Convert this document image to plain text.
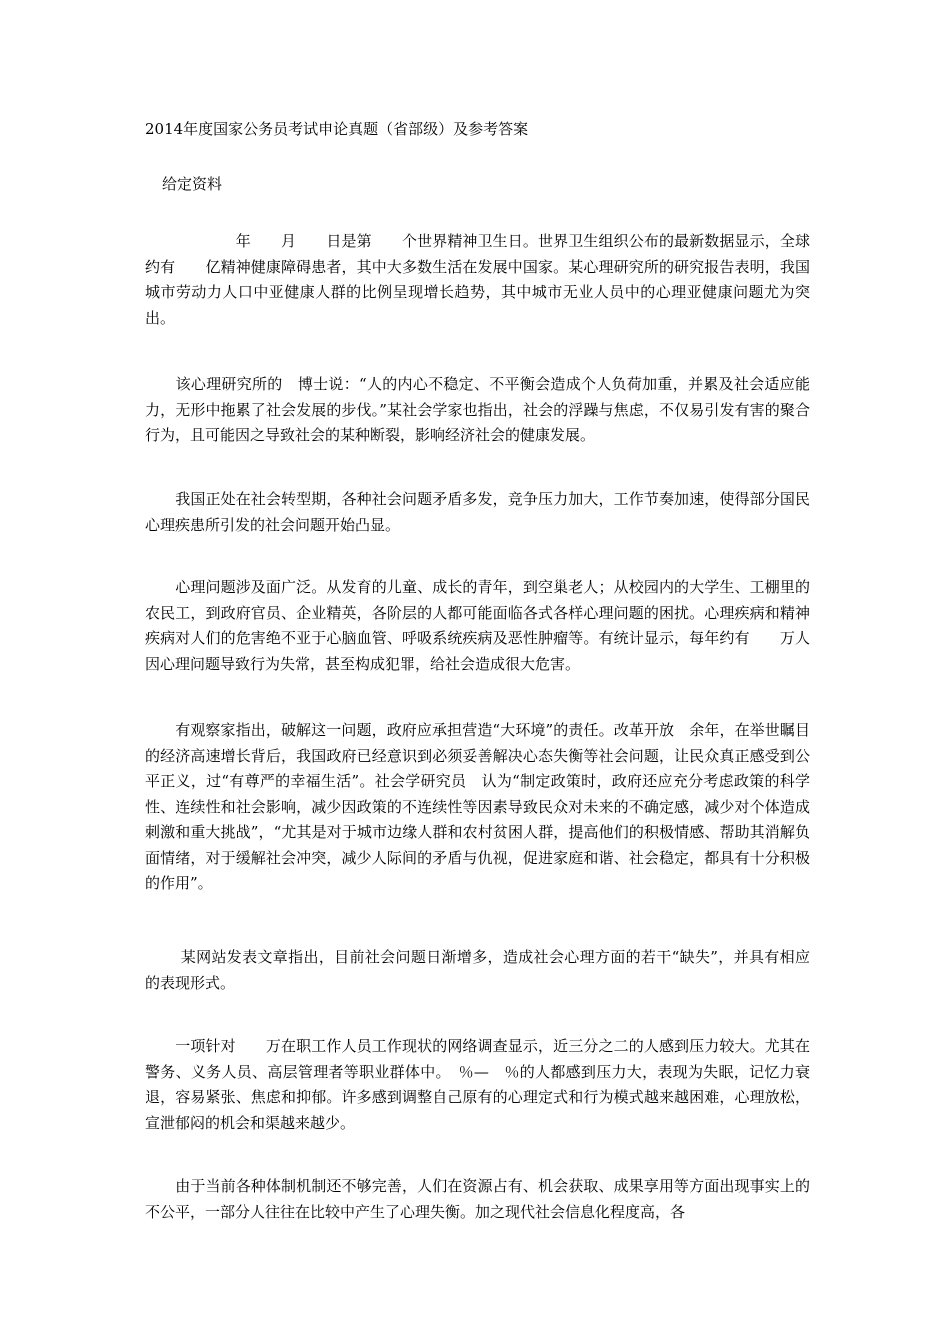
2014年度国家公务员考试申论真题（省部级）及参考答案
给定资料

　　　　　　年　　月　　日是第　　个世界精神卫生日。世界卫生组织公布的最新数据显示，全球约有　　亿精神健康障碍患者，其中大多数生活在发展中国家。某心理研究所的研究报告表明，我国城市劳动力人口中亚健康人群的比例呈现增长趋势，其中城市无业人员中的心理亚健康问题尤为突出。

　　该心理研究所的　博士说：“人的内心不稳定、不平衡会造成个人负荷加重，并累及社会适应能力，无形中拖累了社会发展的步伐。”某社会学家也指出，社会的浮躁与焦虑，不仅易引发有害的聚合行为，且可能因之导致社会的某种断裂，影响经济社会的健康发展。

　　我国正处在社会转型期，各种社会问题矛盾多发，竞争压力加大，工作节奏加速，使得部分国民心理疾患所引发的社会问题开始凸显。

　　心理问题涉及面广泛。从发育的儿童、成长的青年，到空巢老人；从校园内的大学生、工棚里的农民工，到政府官员、企业精英，各阶层的人都可能面临各式各样心理问题的困扰。心理疾病和精神疾病对人们的危害绝不亚于心脑血管、呼吸系统疾病及恶性肿瘤等。有统计显示，每年约有　　万人因心理问题导致行为失常，甚至构成犯罪，给社会造成很大危害。

　　有观察家指出，破解这一问题，政府应承担营造“大环境”的责任。改革开放　余年，在举世瞩目的经济高速增长背后，我国政府已经意识到必须妥善解决心态失衡等社会问题，让民众真正感受到公平正义，过“有尊严的幸福生活”。社会学研究员　认为“制定政策时，政府还应充分考虑政策的科学性、连续性和社会影响，减少因政策的不连续性等因素导致民众对未来的不确定感，减少对个体造成刺激和重大挑战”，“尤其是对于城市边缘人群和农村贫困人群，提高他们的积极情感、帮助其消解负面情绪，对于缓解社会冲突，减少人际间的矛盾与仇视，促进家庭和谐、社会稳定，都具有十分积极的作用”。

　　 某网站发表文章指出，目前社会问题日渐增多，造成社会心理方面的若干“缺失”，并具有相应的表现形式。

　　一项针对　　万在职工作人员工作现状的网络调查显示，近三分之二的人感到压力较大。尤其在警务、义务人员、高层管理者等职业群体中。　％—　％的人都感到压力大，表现为失眠，记忆力衰退，容易紧张、焦虑和抑郁。许多感到调整自己原有的心理定式和行为模式越来越困难，心理放松，宣泄郁闷的机会和渠越来越少。

　　由于当前各种体制机制还不够完善，人们在资源占有、机会获取、成果享用等方面出现事实上的不公平，一部分人往往在比较中产生了心理失衡。加之现代社会信息化程度高，各
